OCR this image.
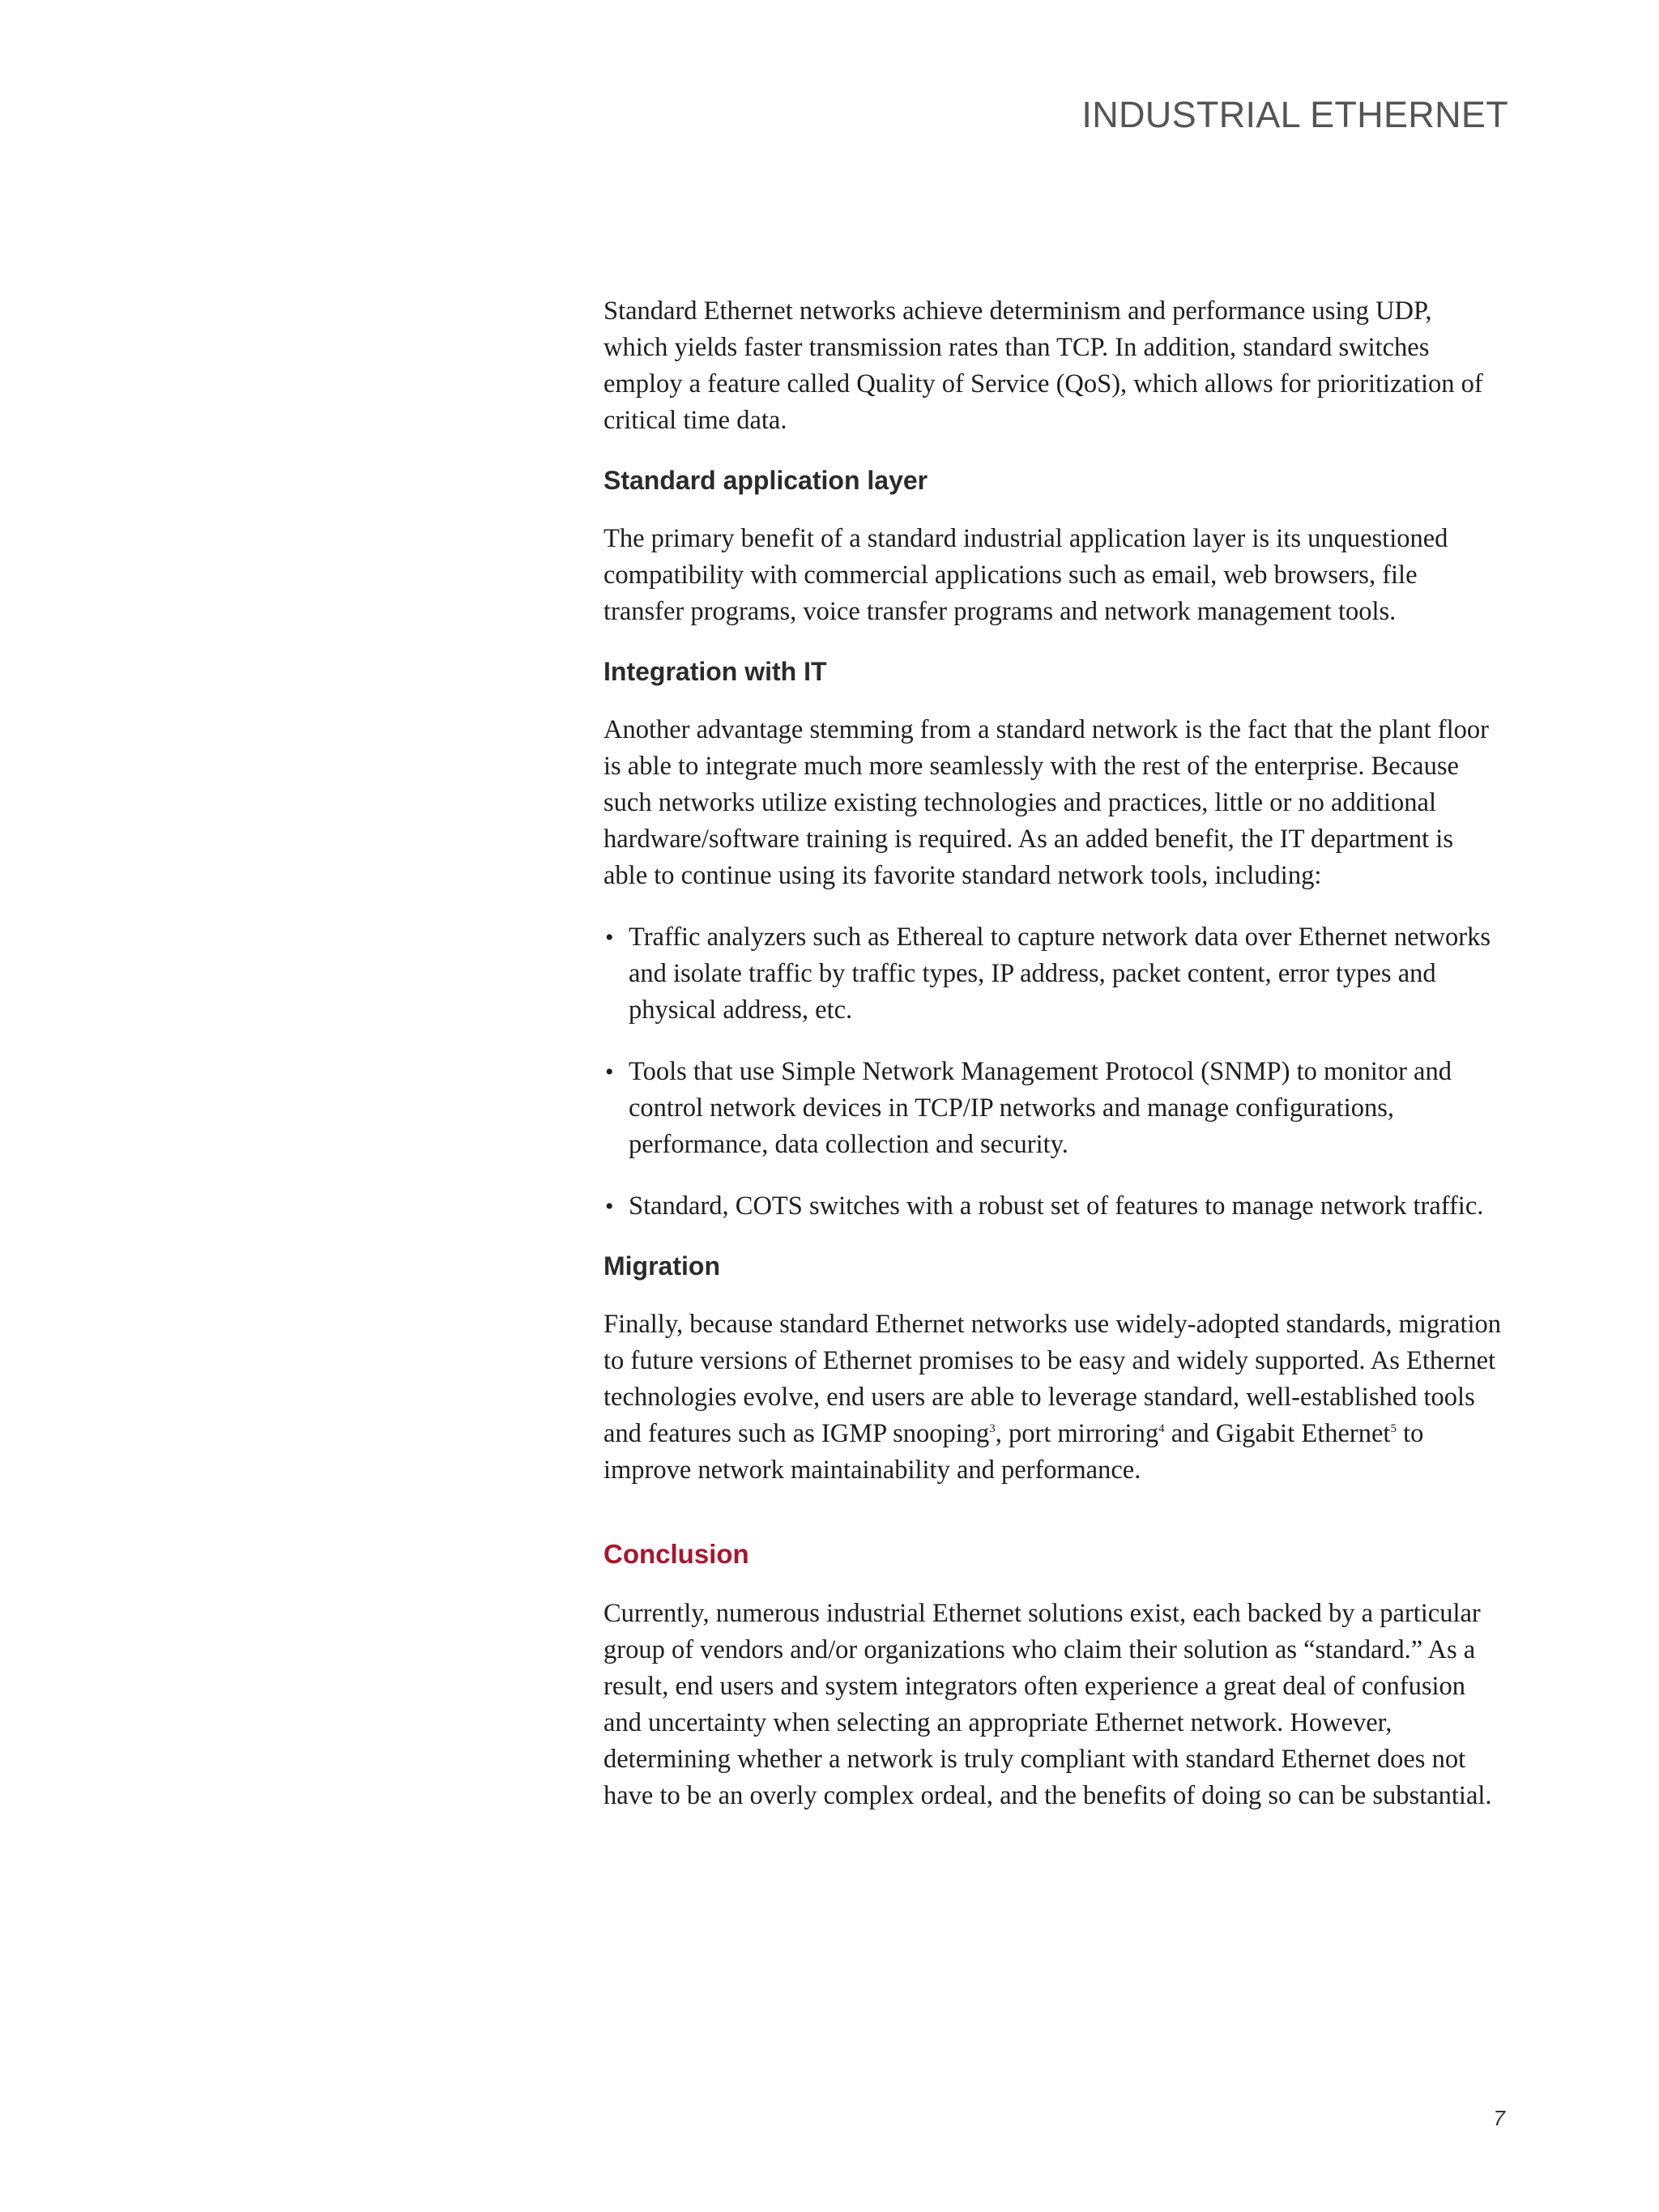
INDUSTRIAL ETHERNET

Standard Ethernet networks achieve determinism and performance using UDP, which yields faster transmission rates than TCP. In addition, standard switches employ a feature called Quality of Service (QoS), which allows for prioritization of critical time data.

Standard application layer

The primary benefit of a standard industrial application layer is its unquestioned compatibility with commercial applications such as email, web browsers, file transfer programs, voice transfer programs and network management tools.

Integration with IT

Another advantage stemming from a standard network is the fact that the plant floor is able to integrate much more seamlessly with the rest of the enterprise. Because such networks utilize existing technologies and practices, little or no additional hardware/software training is required. As an added benefit, the IT department is able to continue using its favorite standard network tools, including:

• Traffic analyzers such as Ethereal to capture network data over Ethernet networks and isolate traffic by traffic types, IP address, packet content, error types and physical address, etc.
• Tools that use Simple Network Management Protocol (SNMP) to monitor and control network devices in TCP/IP networks and manage configurations, performance, data collection and security.
• Standard, COTS switches with a robust set of features to manage network traffic.
Migration

Finally, because standard Ethernet networks use widely-adopted standards, migration to future versions of Ethernet promises to be easy and widely supported. As Ethernet technologies evolve, end users are able to leverage standard, well-established tools and features such as IGMP snooping$^3$, port mirroring$^4$ and Gigabit Ethernet$^5$ to improve network maintainability and performance.

Conclusion

Currently, numerous industrial Ethernet solutions exist, each backed by a particular group of vendors and/or organizations who claim their solution as “standard.” As a result, end users and system integrators often experience a great deal of confusion and uncertainty when selecting an appropriate Ethernet network. However, determining whether a network is truly compliant with standard Ethernet does not have to be an overly complex ordeal, and the benefits of doing so can be substantial.

7
